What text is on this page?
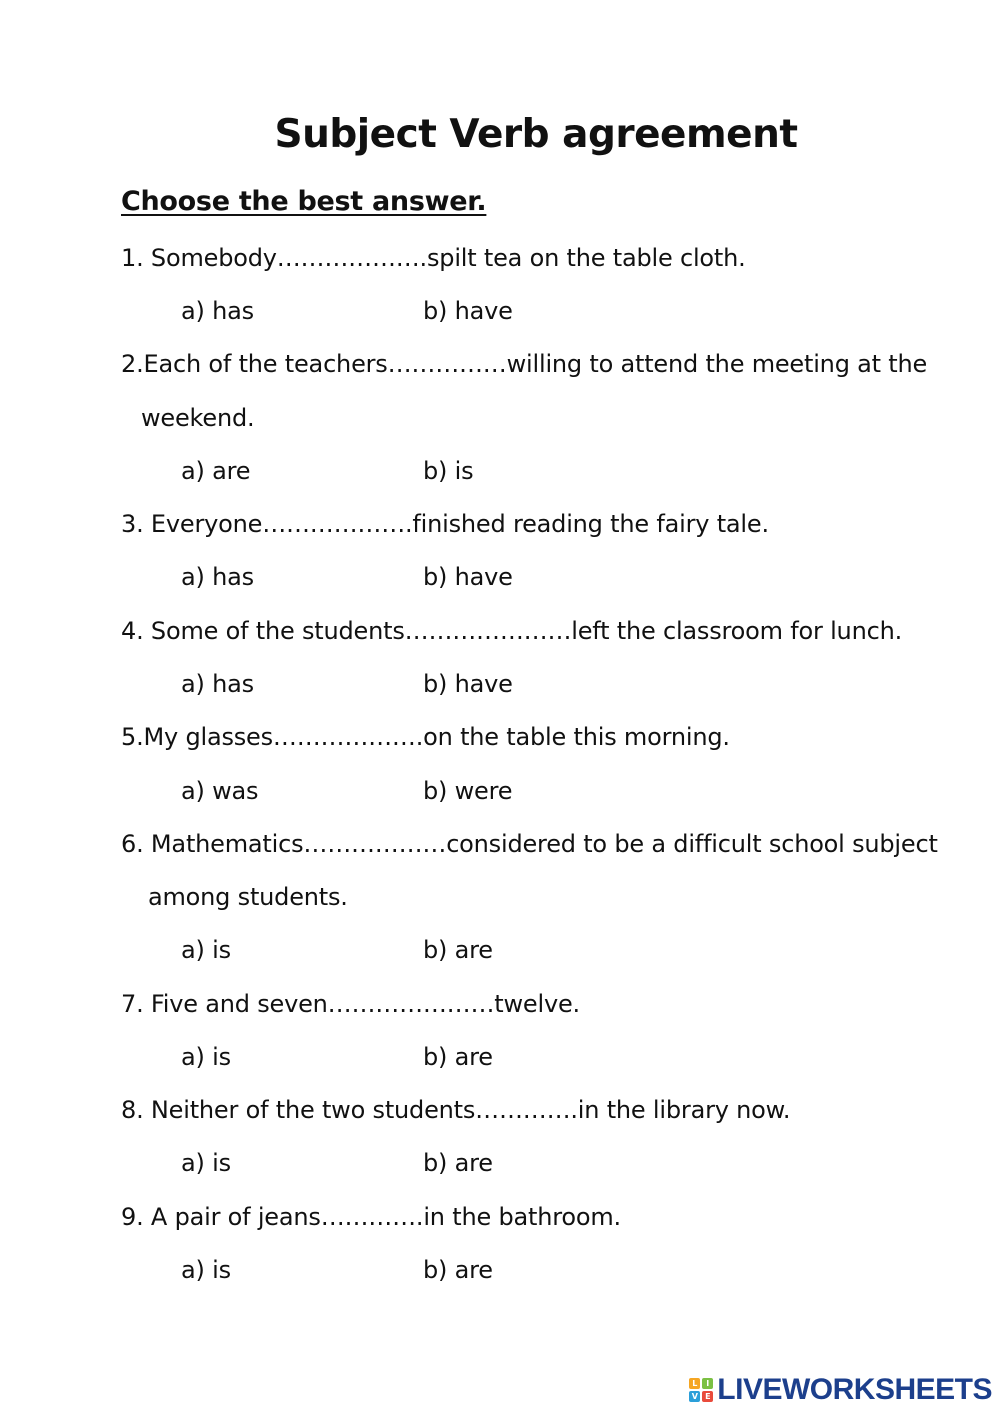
Subject Verb agreement
Choose the best answer.
1. Somebody……………….spilt tea on the table cloth.
a) has	b) have
2.Each of the teachers……………willing to attend the meeting at the
weekend.
a) are	b) is
3. Everyone……………….finished reading the fairy tale.
a) has	b) have
4. Some of the students…………………left the classroom for lunch.
a) has	b) have
5.My glasses……………….on the table this morning.
a) was	b) were
6. Mathematics………………considered to be a difficult school subject
among students.
a) is	b) are
7. Five and seven…………………twelve.
a) is	b) are
8. Neither of the two students………….in the library now.
a) is	b) are
9. A pair of jeans………….in the bathroom.
a) is	b) are
L	I
V E LIVEWORKSHEETS
